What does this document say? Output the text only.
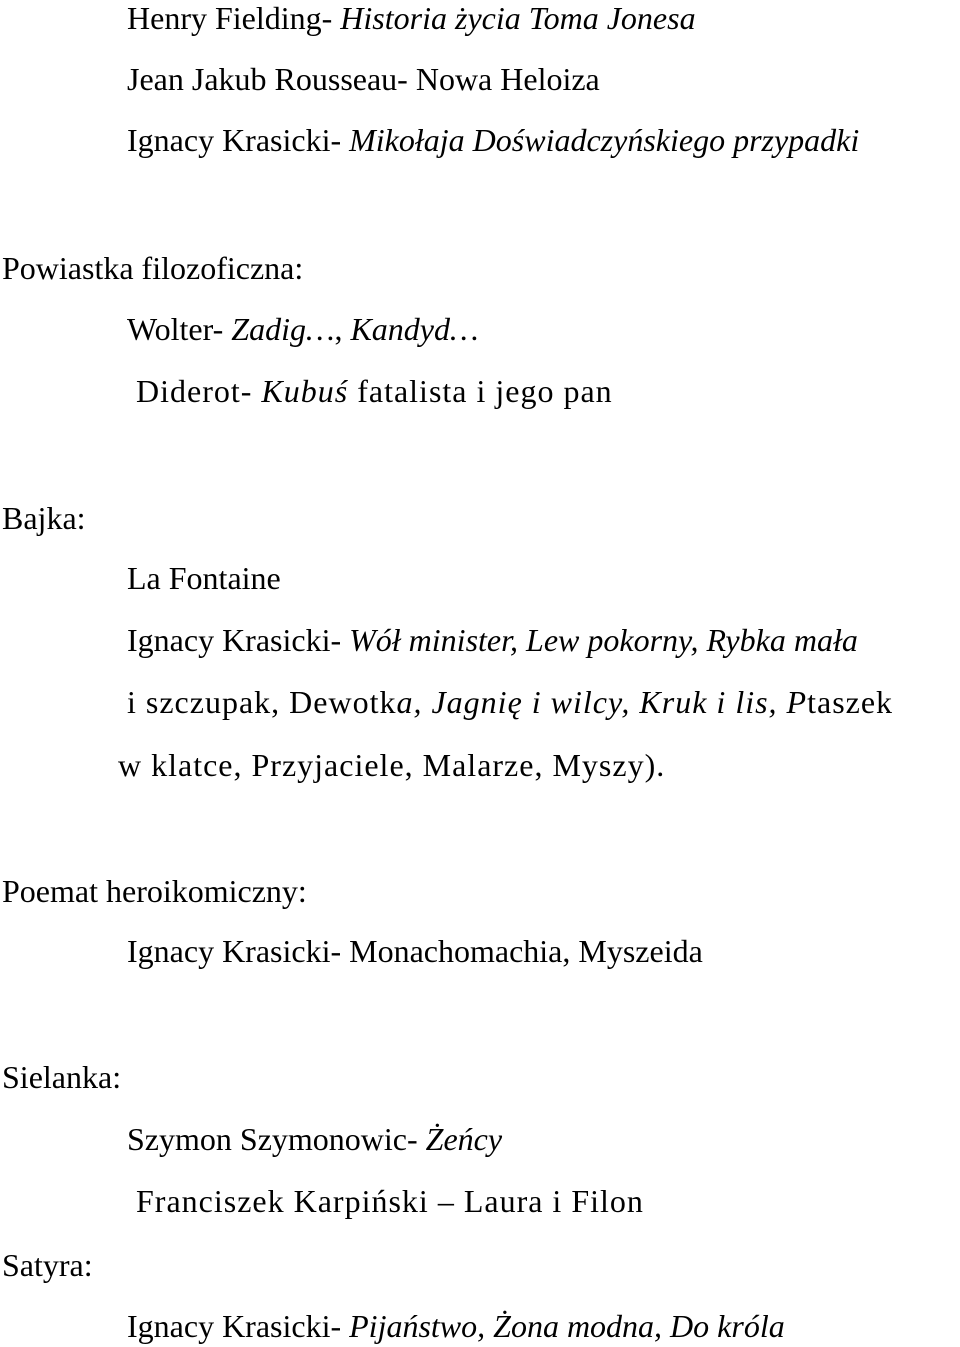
Henry Fielding- Historia życia Toma Jonesa
Jean Jakub Rousseau- Nowa Heloiza
Ignacy Krasicki- Mikołaja Doświadczyńskiego przypadki
Powiastka filozoficzna:
Wolter- Zadig…, Kandyd…
Diderot- Kubuś fatalista i jego pan
Bajka:
La Fontaine
Ignacy Krasicki- Wół minister, Lew pokorny, Rybka mała
i szczupak, Dewotka, Jagnię i wilcy, Kruk i lis, Ptaszek
w klatce, Przyjaciele, Malarze, Myszy).
Poemat heroikomiczny:
Ignacy Krasicki- Monachomachia, Myszeida
Sielanka:
Szymon Szymonowic- Żeńcy
Franciszek Karpiński – Laura i Filon
Satyra:
Ignacy Krasicki- Pijaństwo, Żona modna, Do króla
